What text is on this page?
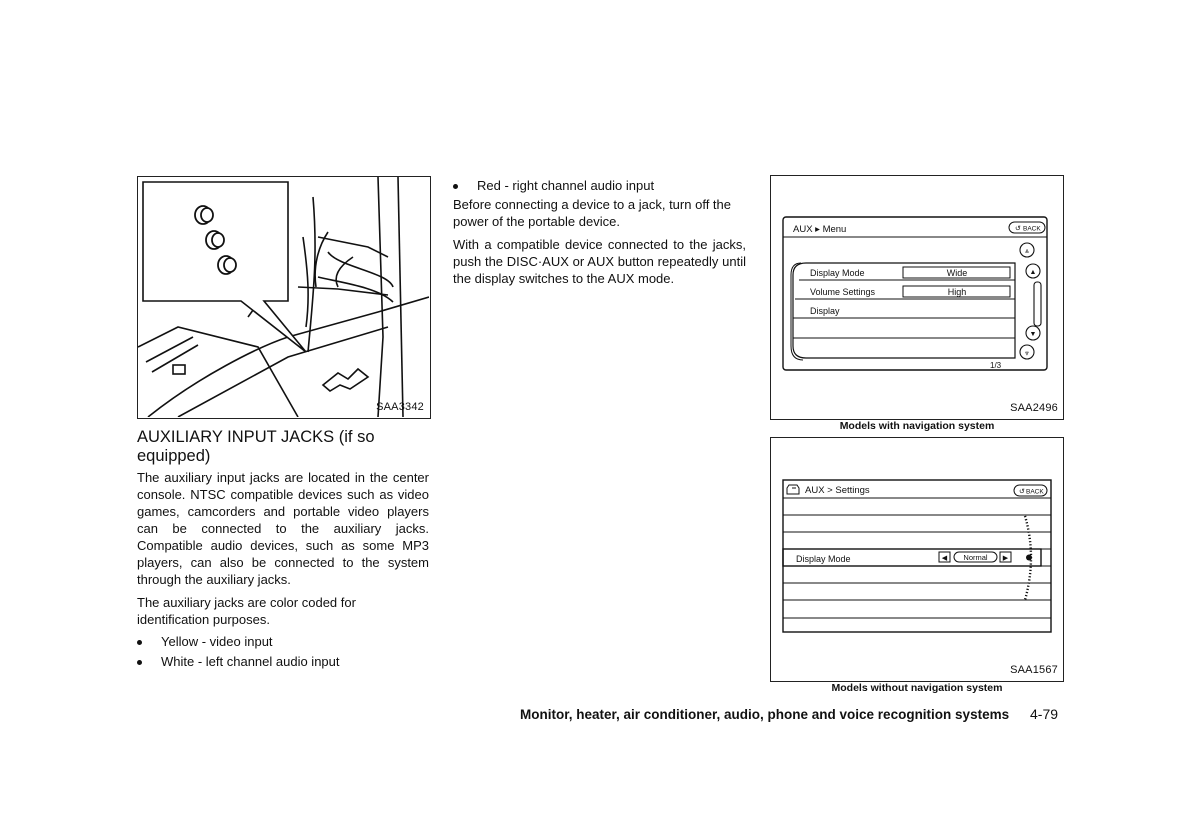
SAA3342
AUXILIARY INPUT JACKS (if so
equipped)

The auxiliary input jacks are located in the center console. NTSC compatible devices such as video games, camcorders and portable video players can be connected to the auxiliary jacks. Compatible audio devices, such as some MP3 players, can also be connected to the system through the auxiliary jacks.

The auxiliary jacks are color coded for identification purposes.

Yellow - video input
White - left channel audio input
Red - right channel audio input

Before connecting a device to a jack, turn off the power of the portable device.

With a compatible device connected to the jacks, push the DISC·AUX or AUX button repeatedly until the display switches to the AUX mode.

AUX ▸ Menu	↺ BACK
Display Mode	Wide
Volume Settings	High
Display
1/3
⩓
▲
▼
⩔
SAA2496
Models with navigation system
AUX > Settings	↺ BACK
Display Mode	◀ Normal ▶
SAA1567
Models without navigation system
Monitor, heater, air conditioner, audio, phone and voice recognition systems 4-79
